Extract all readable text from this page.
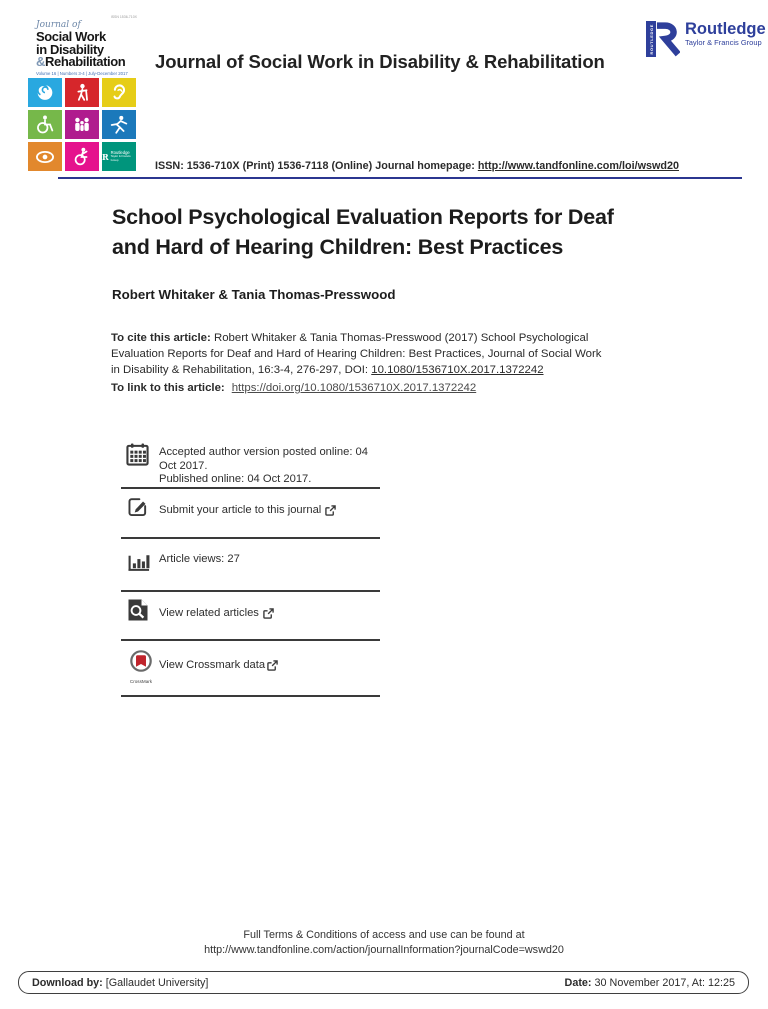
ISSN 1536-710X
Journal of
Social Work
in Disability
&Rehabilitation
Volume 16 | Numbers 3-4 | July-December 2017
R Routledge
Taylor & Francis Group
ROUTLEDGE Routledge
Taylor & Francis Group
Journal of Social Work in Disability & Rehabilitation
ISSN: 1536-710X (Print) 1536-7118 (Online) Journal homepage: http://www.tandfonline.com/loi/wswd20
School Psychological Evaluation Reports for Deaf and Hard of Hearing Children: Best Practices
Robert Whitaker & Tania Thomas-Presswood
To cite this article: Robert Whitaker & Tania Thomas-Presswood (2017) School Psychological
Evaluation Reports for Deaf and Hard of Hearing Children: Best Practices, Journal of Social Work
in Disability & Rehabilitation, 16:3-4, 276-297, DOI: 10.1080/1536710X.2017.1372242
To link to this article: https://doi.org/10.1080/1536710X.2017.1372242
Accepted author version posted online: 04 Oct 2017.
Published online: 04 Oct 2017.
Submit your article to this journal
Article views: 27
View related articles
CrossMark
View Crossmark data
Full Terms & Conditions of access and use can be found at
http://www.tandfonline.com/action/journalInformation?journalCode=wswd20
Download by: [Gallaudet University]	Date: 30 November 2017, At: 12:25
